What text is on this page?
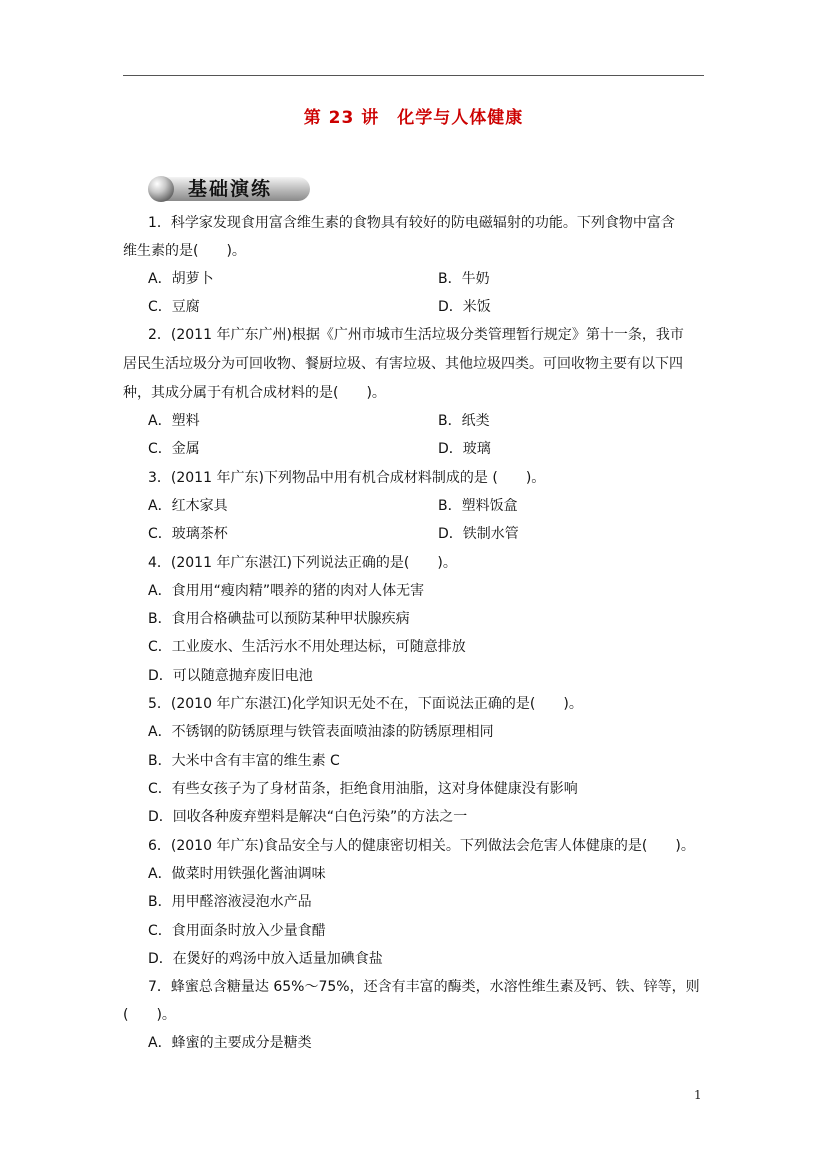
第 23 讲　化学与人体健康
基础演练
1．科学家发现食用富含维生素的食物具有较好的防电磁辐射的功能。下列食物中富含
维生素的是(　　)。
A．胡萝卜	B．牛奶
C．豆腐	D．米饭
2．(2011 年广东广州)根据《广州市城市生活垃圾分类管理暂行规定》第十一条，我市
居民生活垃圾分为可回收物、餐厨垃圾、有害垃圾、其他垃圾四类。可回收物主要有以下四
种，其成分属于有机合成材料的是(　　)。
A．塑料	B．纸类
C．金属	D．玻璃
3．(2011 年广东)下列物品中用有机合成材料制成的是 (　　)。
A．红木家具	B．塑料饭盒
C．玻璃茶杯	D．铁制水管
4．(2011 年广东湛江)下列说法正确的是(　　)。
A．食用用“瘦肉精”喂养的猪的肉对人体无害
B．食用合格碘盐可以预防某种甲状腺疾病
C．工业废水、生活污水不用处理达标，可随意排放
D．可以随意抛弃废旧电池
5．(2010 年广东湛江)化学知识无处不在，下面说法正确的是(　　)。
A．不锈钢的防锈原理与铁管表面喷油漆的防锈原理相同
B．大米中含有丰富的维生素 C
C．有些女孩子为了身材苗条，拒绝食用油脂，这对身体健康没有影响
D．回收各种废弃塑料是解决“白色污染”的方法之一
6．(2010 年广东)食品安全与人的健康密切相关。下列做法会危害人体健康的是(　　)。
A．做菜时用铁强化酱油调味
B．用甲醛溶液浸泡水产品
C．食用面条时放入少量食醋
D．在煲好的鸡汤中放入适量加碘食盐
7．蜂蜜总含糖量达 65%～75%，还含有丰富的酶类，水溶性维生素及钙、铁、锌等，则
(　　)。
A．蜂蜜的主要成分是糖类
1
